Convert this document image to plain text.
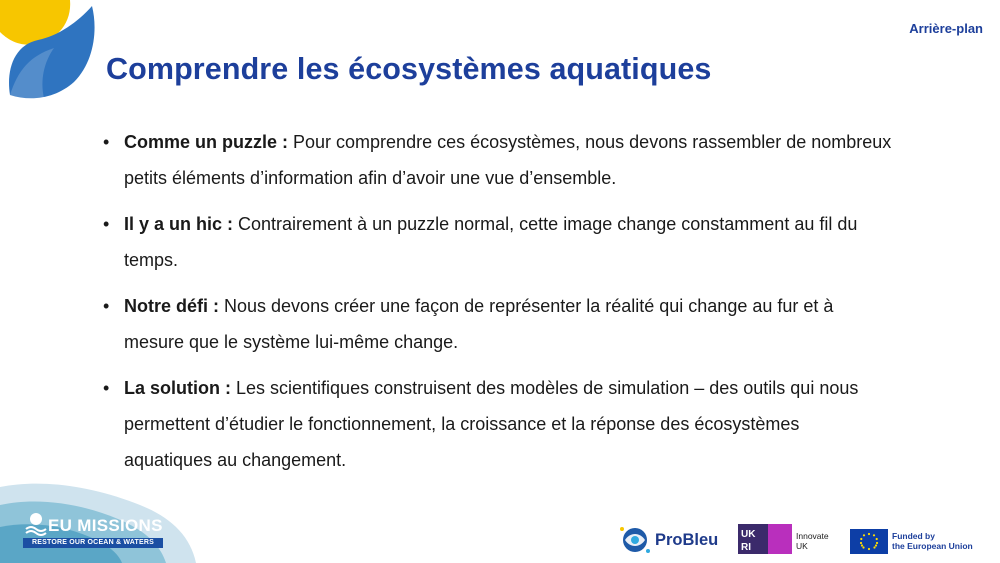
Arrière-plan
Comprendre les écosystèmes aquatiques
• Comme un puzzle : Pour comprendre ces écosystèmes, nous devons rassembler de nombreux petits éléments d’information afin d’avoir une vue d’ensemble.
• Il y a un hic : Contrairement à un puzzle normal, cette image change constamment au fil du temps.
• Notre défi : Nous devons créer une façon de représenter la réalité qui change au fur et à mesure que le système lui-même change.
• La solution : Les scientifiques construisent des modèles de simulation – des outils qui nous permettent d’étudier le fonctionnement, la croissance et la réponse des écosystèmes aquatiques au changement.
EU MISSIONS
RESTORE OUR OCEAN & WATERS	ProBleu UK
RI
Innovate
UK
Funded by
the European Union
